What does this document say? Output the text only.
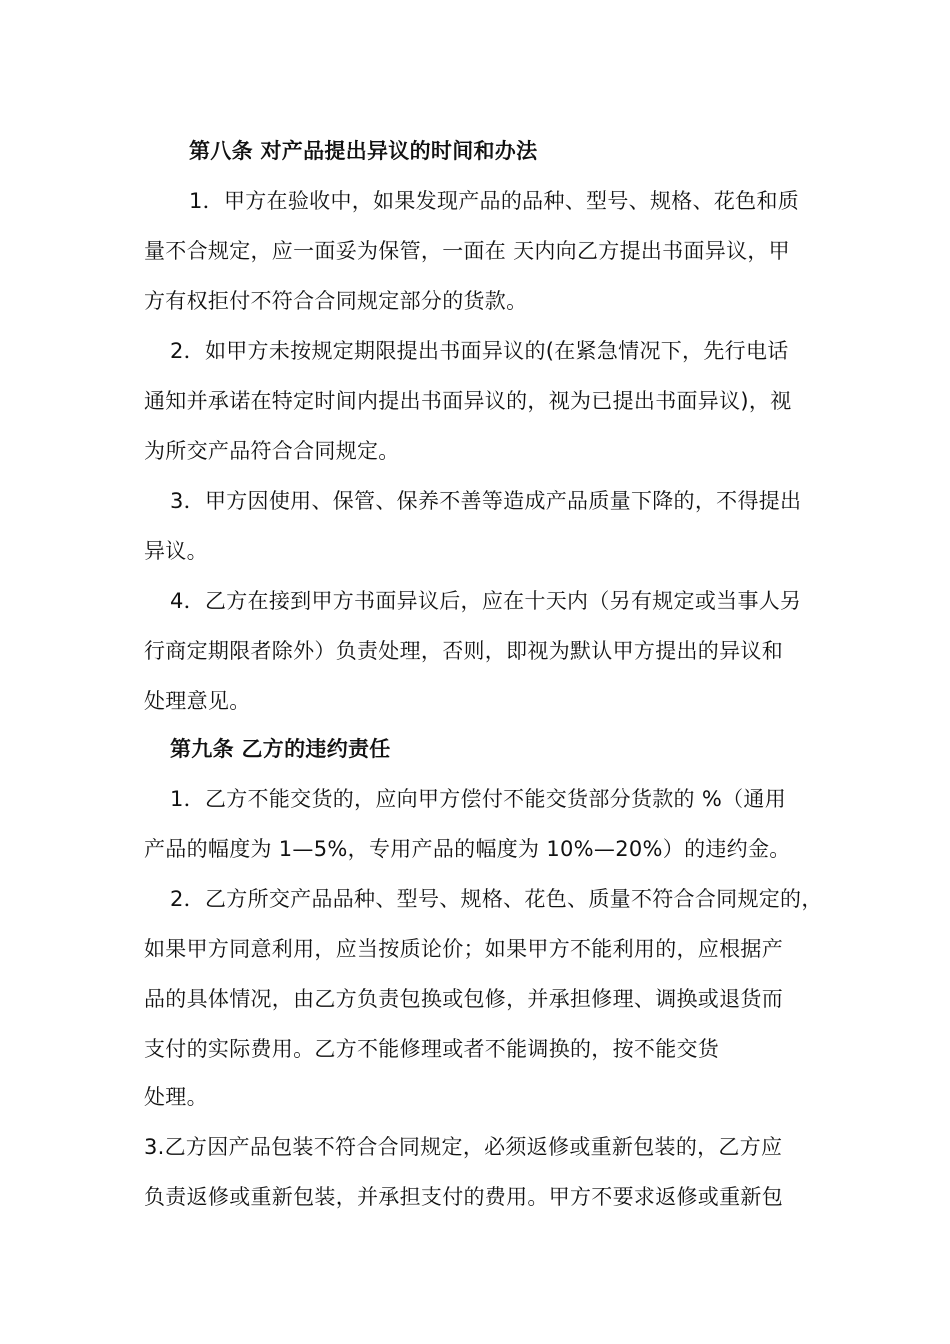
第八条 对产品提出异议的时间和办法
1．甲方在验收中，如果发现产品的品种、型号、规格、花色和质
量不合规定，应一面妥为保管，一面在 天内向乙方提出书面异议，甲
方有权拒付不符合合同规定部分的货款。
2．如甲方未按规定期限提出书面异议的(在紧急情况下，先行电话
通知并承诺在特定时间内提出书面异议的，视为已提出书面异议)，视
为所交产品符合合同规定。
3．甲方因使用、保管、保养不善等造成产品质量下降的，不得提出
异议。
4．乙方在接到甲方书面异议后，应在十天内（另有规定或当事人另
行商定期限者除外）负责处理，否则，即视为默认甲方提出的异议和
处理意见。
第九条 乙方的违约责任
1．乙方不能交货的，应向甲方偿付不能交货部分货款的 %（通用
产品的幅度为 1—5%，专用产品的幅度为 10%—20%）的违约金。
2．乙方所交产品品种、型号、规格、花色、质量不符合合同规定的，
如果甲方同意利用，应当按质论价；如果甲方不能利用的，应根据产
品的具体情况，由乙方负责包换或包修，并承担修理、调换或退货而
支付的实际费用。乙方不能修理或者不能调换的，按不能交货
处理。
3.乙方因产品包装不符合合同规定，必须返修或重新包装的，乙方应
负责返修或重新包装，并承担支付的费用。甲方不要求返修或重新包
